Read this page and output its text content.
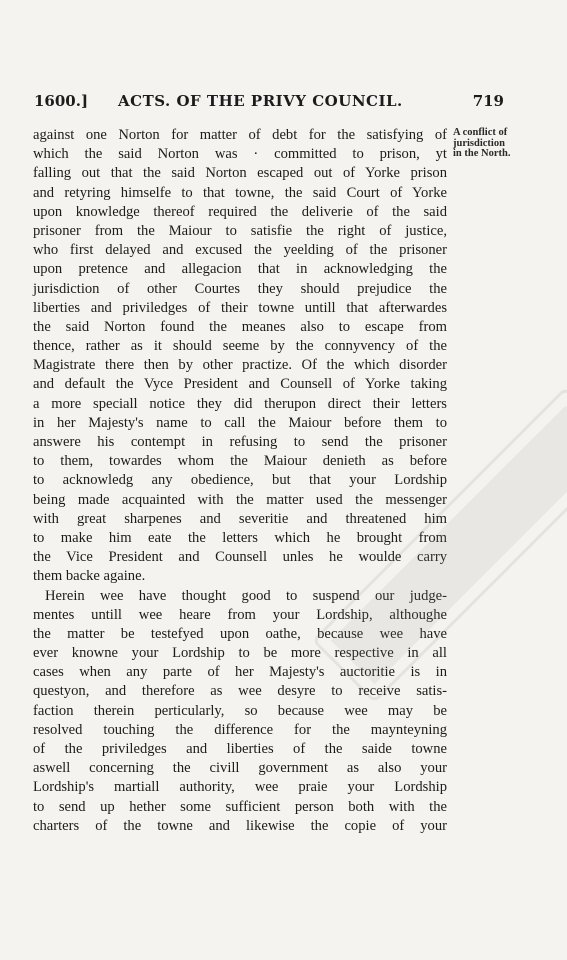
1600.] ACTS. OF THE PRIVY COUNCIL.	719
against one Norton for matter of debt for the satisfying of
which the said Norton was · committed to prison, yt
falling out that the said Norton escaped out of Yorke prison
and retyring himselfe to that towne, the said Court of Yorke
upon knowledge thereof required the deliverie of the said
prisoner from the Maiour to satisfie the right of justice,
who first delayed and excused the yeelding of the prisoner
upon pretence and allegacion that in acknowledging the
jurisdiction of other Courtes they should prejudice the
liberties and priviledges of their towne untill that afterwardes
the said Norton found the meanes also to escape from
thence, rather as it should seeme by the connyvency of the
Magistrate there then by other practize. Of the which disorder
and default the Vyce President and Counsell of Yorke taking
a more speciall notice they did therupon direct their letters
in her Majesty's name to call the Maiour before them to
answere his contempt in refusing to send the prisoner
to them, towardes whom the Maiour denieth as before
to acknowledg any obedience, but that your Lordship
being made acquainted with the matter used the messenger
with great sharpenes and severitie and threatened him
to make him eate the letters which he brought from
the Vice President and Counsell unles he woulde carry
them backe againe.
Herein wee have thought good to suspend our judge-
mentes untill wee heare from your Lordship, althoughe
the matter be testefyed upon oathe, because wee have
ever knowne your Lordship to be more respective in all
cases when any parte of her Majesty's auctoritie is in
questyon, and therefore as wee desyre to receive satis-
faction therein perticularly, so because wee may be
resolved touching the difference for the maynteyning
of the priviledges and liberties of the saide towne
aswell concerning the civill government as also your
Lordship's martiall authority, wee praie your Lordship
to send up hether some sufficient person both with the
charters of the towne and likewise the copie of your
A conflict of
jurisdiction
in the North.
